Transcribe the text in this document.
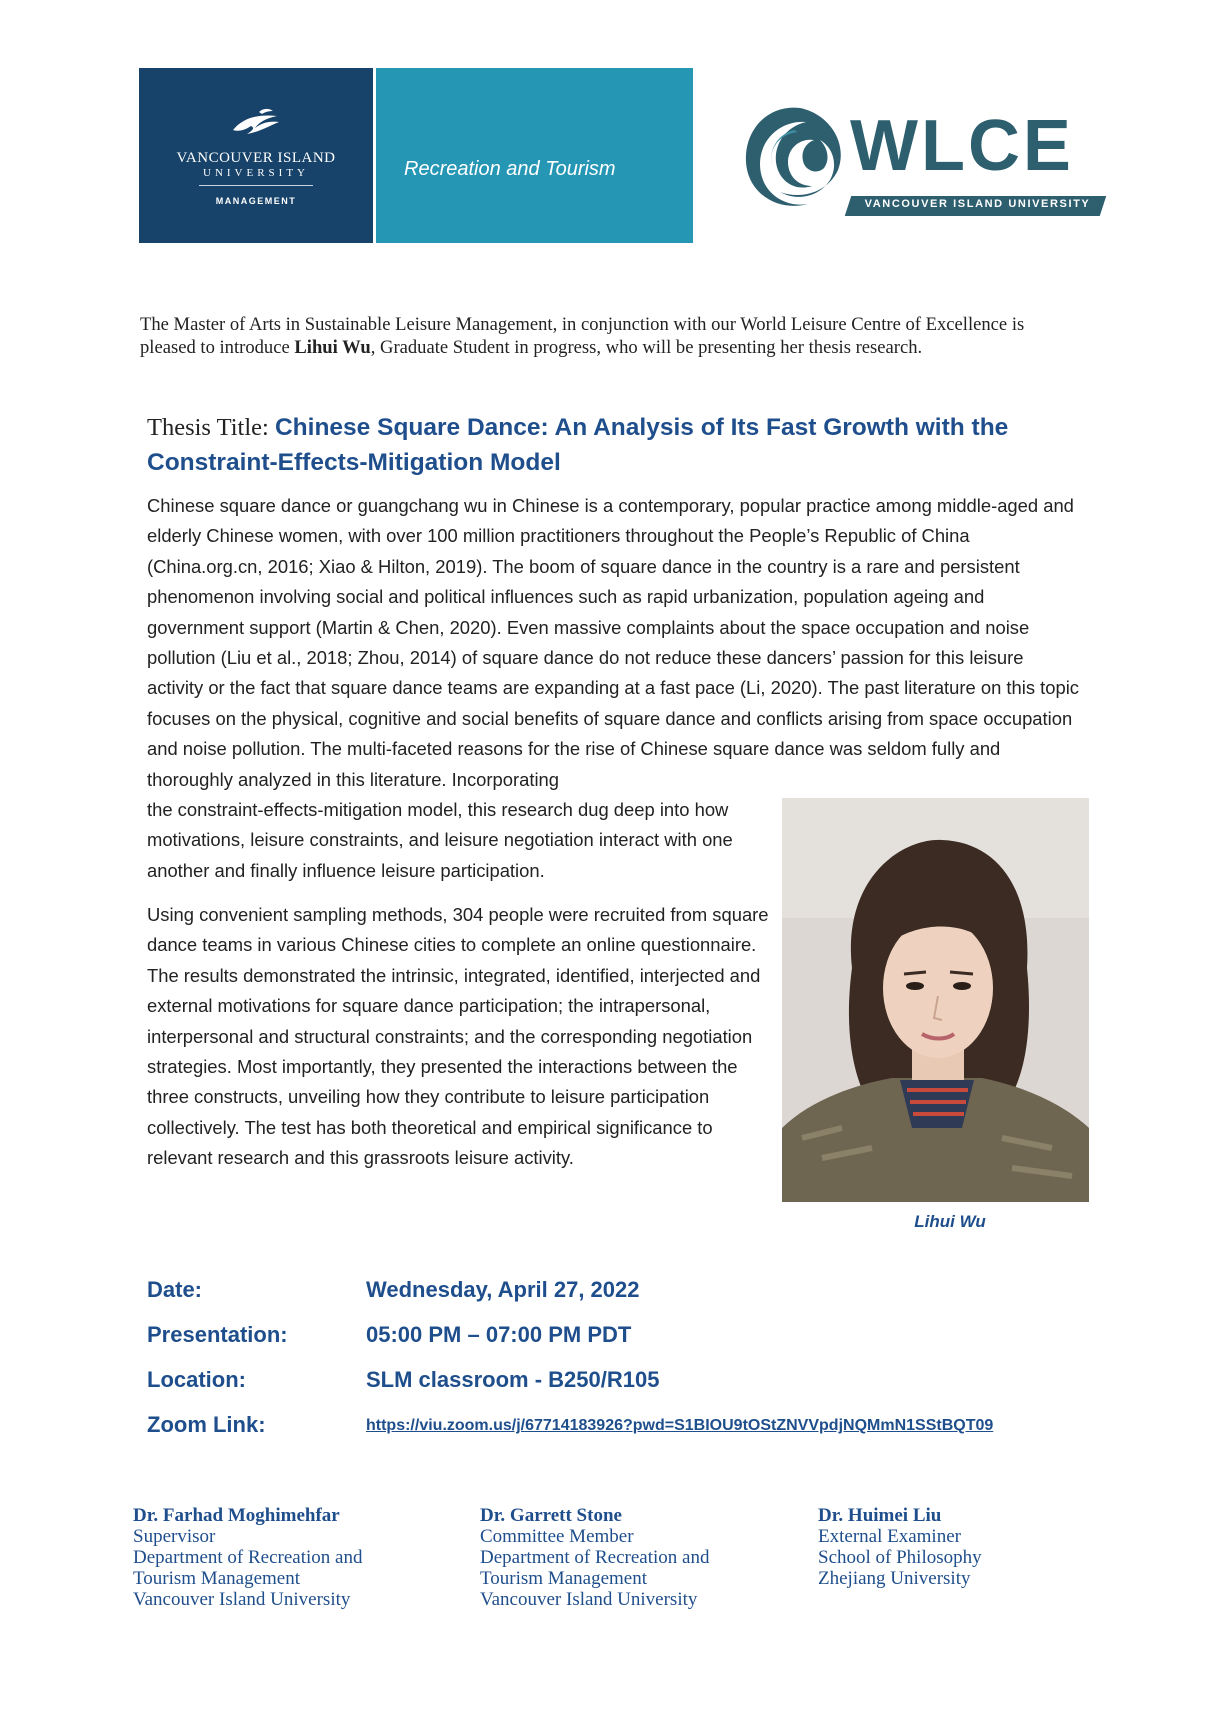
VANCOUVER ISLAND
UNIVERSITY
MANAGEMENT
Recreation and Tourism	WLCE
VANCOUVER ISLAND UNIVERSITY

The Master of Arts in Sustainable Leisure Management, in conjunction with our World Leisure Centre of Excellence is pleased to introduce Lihui Wu, Graduate Student in progress, who will be presenting her thesis research.

Thesis Title: Chinese Square Dance: An Analysis of Its Fast Growth with the Constraint-Effects-Mitigation Model

Chinese square dance or guangchang wu in Chinese is a contemporary, popular practice among middle-aged and elderly Chinese women, with over 100 million practitioners throughout the People’s Republic of China (China.org.cn, 2016; Xiao & Hilton, 2019). The boom of square dance in the country is a rare and persistent phenomenon involving social and political influences such as rapid urbanization, population ageing and government support (Martin & Chen, 2020). Even massive complaints about the space occupation and noise pollution (Liu et al., 2018; Zhou, 2014) of square dance do not reduce these dancers’ passion for this leisure activity or the fact that square dance teams are expanding at a fast pace (Li, 2020). The past literature on this topic focuses on the physical, cognitive and social benefits of square dance and conflicts arising from space occupation and noise pollution. The multi-faceted reasons for the rise of Chinese square dance was seldom fully and thoroughly analyzed in this literature. Incorporating

the constraint-effects-mitigation model, this research dug deep into how motivations, leisure constraints, and leisure negotiation interact with one another and finally influence leisure participation.

Using convenient sampling methods, 304 people were recruited from square dance teams in various Chinese cities to complete an online questionnaire. The results demonstrated the intrinsic, integrated, identified, interjected and external motivations for square dance participation; the intrapersonal, interpersonal and structural constraints; and the corresponding negotiation strategies. Most importantly, they presented the interactions between the three constructs, unveiling how they contribute to leisure participation collectively. The test has both theoretical and empirical significance to relevant research and this grassroots leisure activity.

Lihui Wu
Date:	Wednesday, April 27, 2022
Presentation:	05:00 PM – 07:00 PM PDT
Location:	SLM classroom - B250/R105
Zoom Link:	https://viu.zoom.us/j/67714183926?pwd=S1BIOU9tOStZNVVpdjNQMmN1SStBQT09
Dr. Farhad Moghimehfar
Supervisor
Department of Recreation and
Tourism Management
Vancouver Island University
Dr. Garrett Stone
Committee Member
Department of Recreation and
Tourism Management
Vancouver Island University
Dr. Huimei Liu
External Examiner
School of Philosophy
Zhejiang University
